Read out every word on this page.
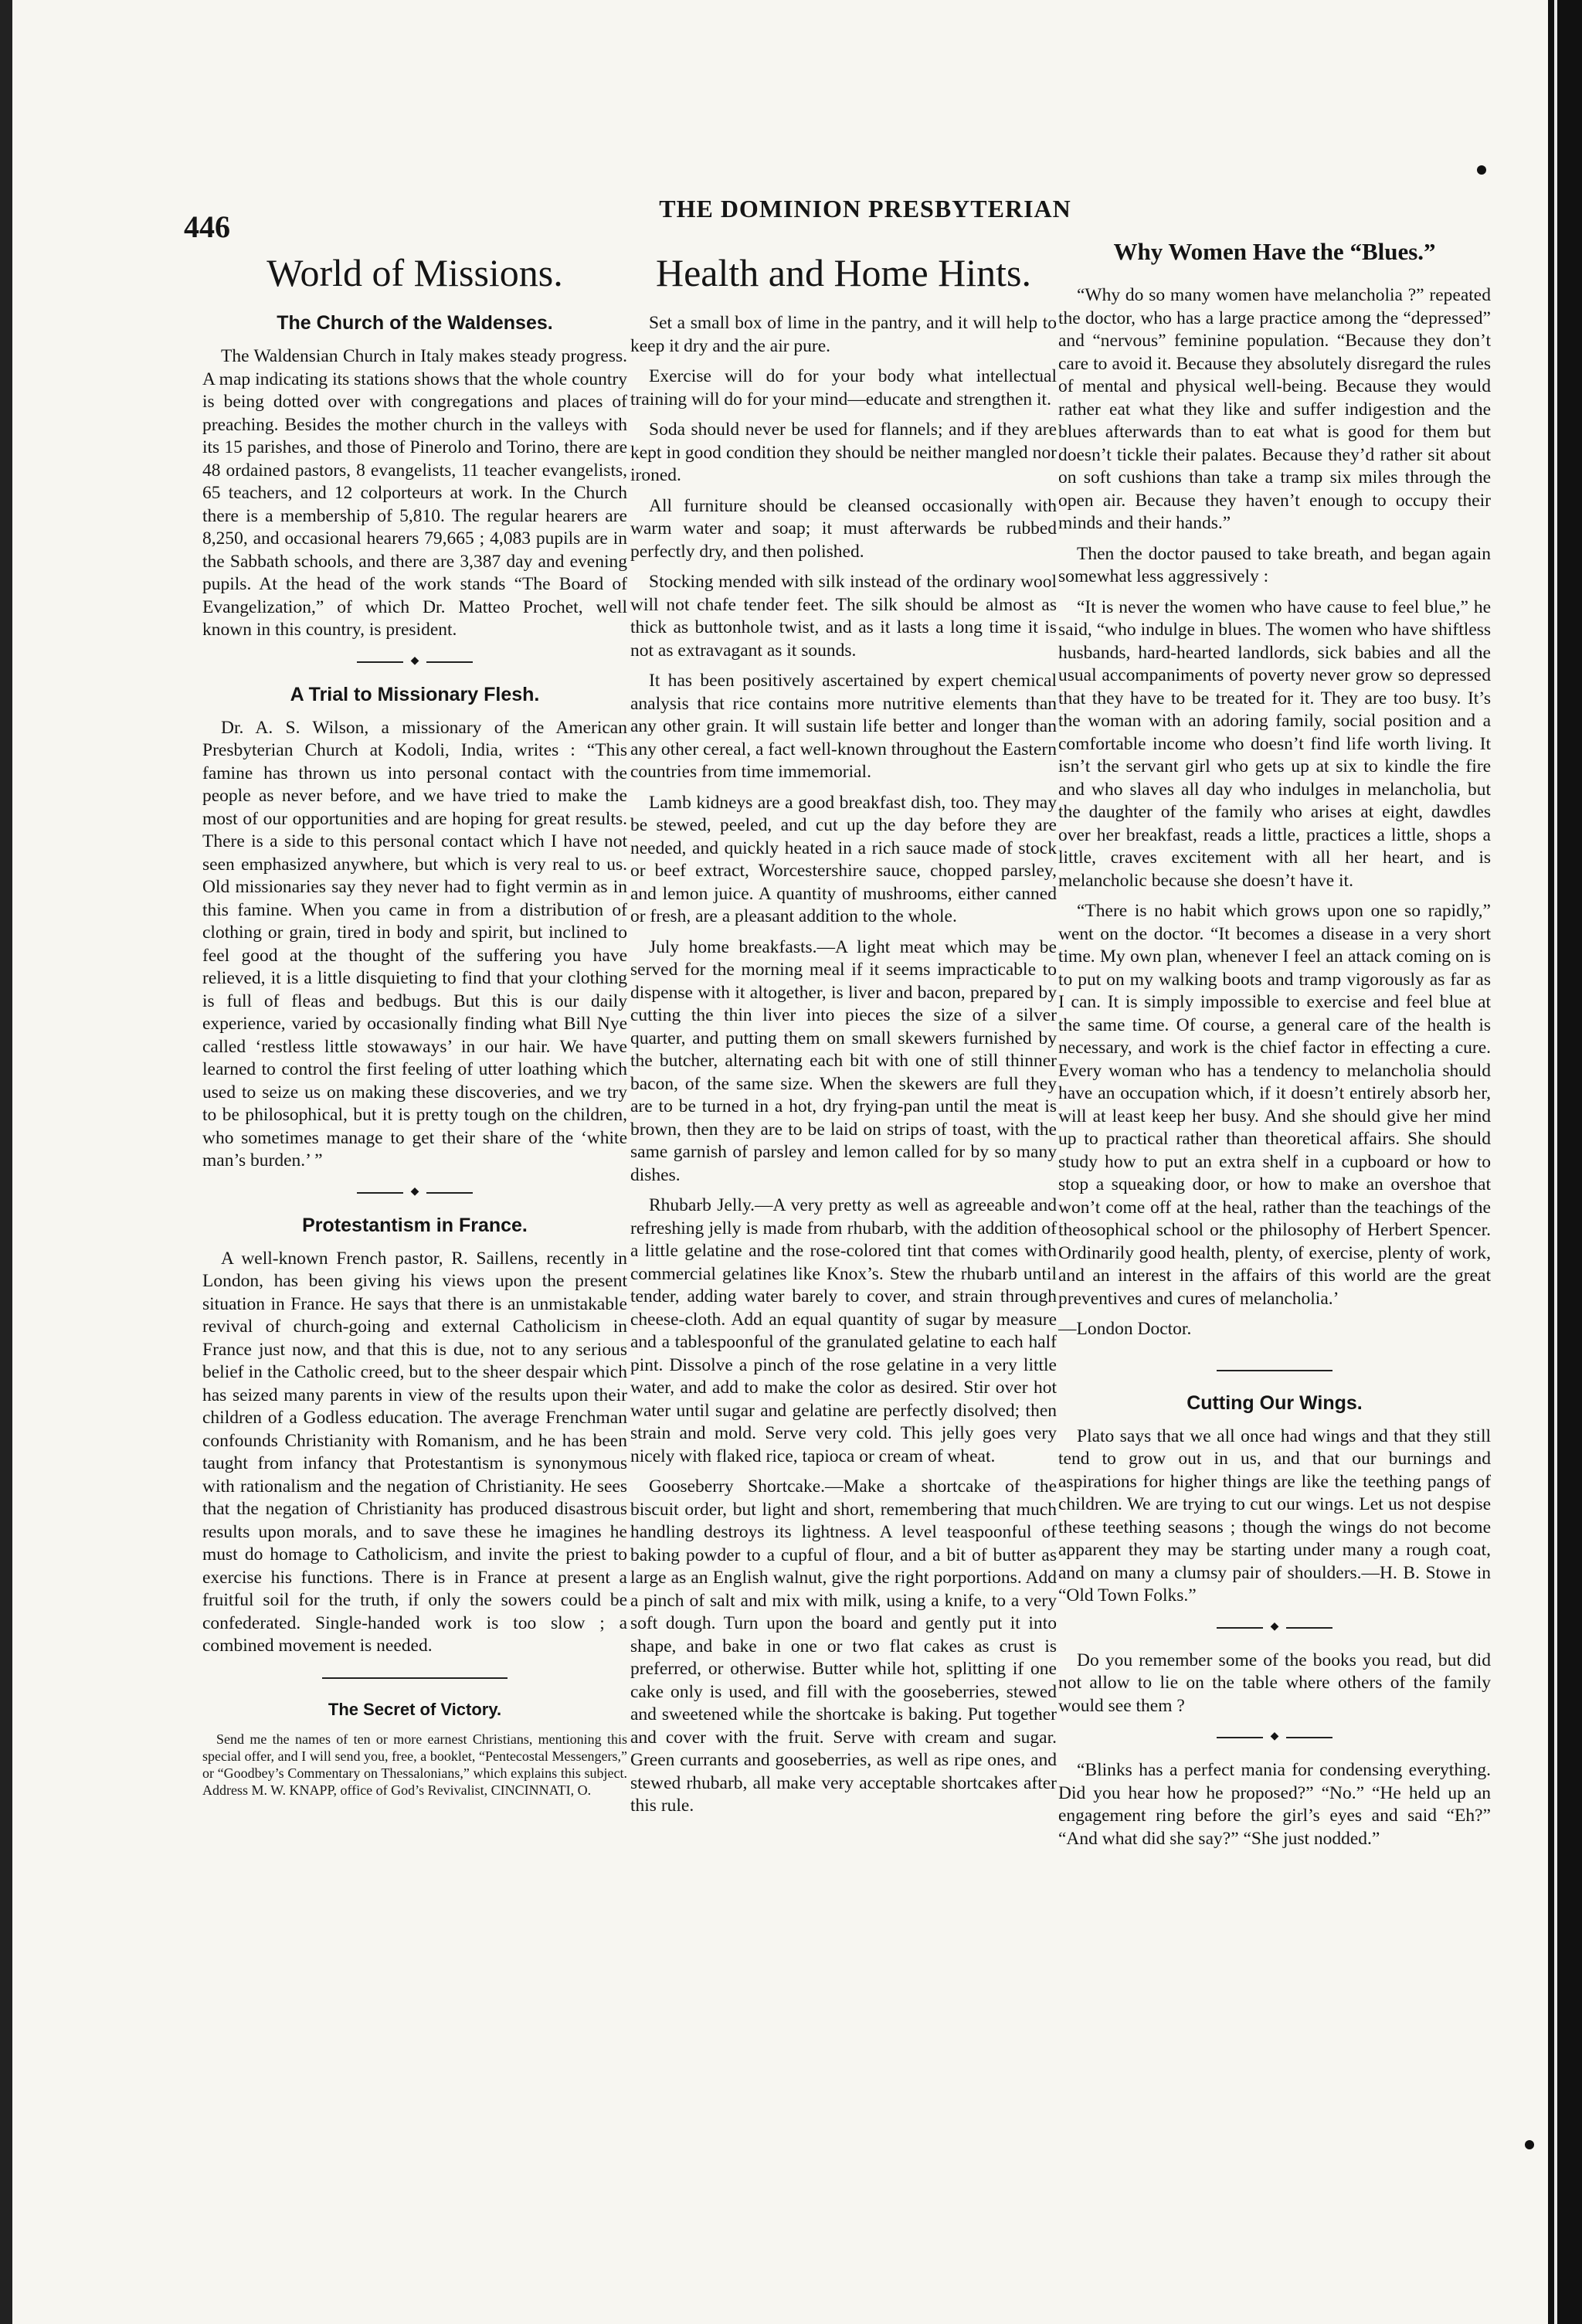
446
THE DOMINION PRESBYTERIAN
World of Missions.
The Church of the Waldenses.

The Waldensian Church in Italy makes steady progress. A map indicating its stations shows that the whole country is being dotted over with congregations and places of preaching. Besides the mother church in the valleys with its 15 parishes, and those of Pinerolo and Torino, there are 48 ordained pastors, 8 evangelists, 11 teacher evangelists, 65 teachers, and 12 colporteurs at work. In the Church there is a membership of 5,810. The regular hearers are 8,250, and occasional hearers 79,665 ; 4,083 pupils are in the Sabbath schools, and there are 3,387 day and evening pupils. At the head of the work stands “The Board of Evangelization,” of which Dr. Matteo Prochet, well known in this country, is president.

◆
A Trial to Missionary Flesh.

Dr. A. S. Wilson, a missionary of the American Presbyterian Church at Kodoli, India, writes : “This famine has thrown us into personal contact with the people as never before, and we have tried to make the most of our opportunities and are hoping for great results. There is a side to this personal contact which I have not seen emphasized anywhere, but which is very real to us. Old missionaries say they never had to fight vermin as in this famine. When you came in from a distribution of clothing or grain, tired in body and spirit, but inclined to feel good at the thought of the suffering you have relieved, it is a little disquieting to find that your clothing is full of fleas and bedbugs. But this is our daily experience, varied by occasionally finding what Bill Nye called ‘restless little stowaways’ in our hair. We have learned to control the first feeling of utter loathing which used to seize us on making these discoveries, and we try to be philosophical, but it is pretty tough on the children, who sometimes manage to get their share of the ‘white man’s burden.’ ”

◆
Protestantism in France.

A well-known French pastor, R. Saillens, recently in London, has been giving his views upon the present situation in France. He says that there is an unmistakable revival of church-going and external Catholicism in France just now, and that this is due, not to any serious belief in the Catholic creed, but to the sheer despair which has seized many parents in view of the results upon their children of a Godless education. The average Frenchman confounds Christianity with Romanism, and he has been taught from infancy that Protestantism is synonymous with rationalism and the negation of Christianity. He sees that the negation of Christianity has produced disastrous results upon morals, and to save these he imagines he must do homage to Catholicism, and invite the priest to exercise his functions. There is in France at present a fruitful soil for the truth, if only the sowers could be confederated. Single-handed work is too slow ; a combined movement is needed.

The Secret of Victory.

Send me the names of ten or more earnest Christians, mentioning this special offer, and I will send you, free, a booklet, “Pentecostal Messengers,” or “Goodbey’s Commentary on Thessalonians,” which explains this subject. Address M. W. KNAPP, office of God’s Revivalist, CINCINNATI, O.

Health and Home Hints.

Set a small box of lime in the pantry, and it will help to keep it dry and the air pure.

Exercise will do for your body what intellectual training will do for your mind—educate and strengthen it.

Soda should never be used for flannels; and if they are kept in good condition they should be neither mangled nor ironed.

All furniture should be cleansed occasionally with warm water and soap; it must afterwards be rubbed perfectly dry, and then polished.

Stocking mended with silk instead of the ordinary wool will not chafe tender feet. The silk should be almost as thick as buttonhole twist, and as it lasts a long time it is not as extravagant as it sounds.

It has been positively ascertained by expert chemical analysis that rice contains more nutritive elements than any other grain. It will sustain life better and longer than any other cereal, a fact well-known throughout the Eastern countries from time immemorial.

Lamb kidneys are a good breakfast dish, too. They may be stewed, peeled, and cut up the day before they are needed, and quickly heated in a rich sauce made of stock or beef extract, Worcestershire sauce, chopped parsley, and lemon juice. A quantity of mushrooms, either canned or fresh, are a pleasant addition to the whole.

July home breakfasts.—A light meat which may be served for the morning meal if it seems impracticable to dispense with it altogether, is liver and bacon, prepared by cutting the thin liver into pieces the size of a silver quarter, and putting them on small skewers furnished by the butcher, alternating each bit with one of still thinner bacon, of the same size. When the skewers are full they are to be turned in a hot, dry frying-pan until the meat is brown, then they are to be laid on strips of toast, with the same garnish of parsley and lemon called for by so many dishes.

Rhubarb Jelly.—A very pretty as well as agreeable and refreshing jelly is made from rhubarb, with the addition of a little gelatine and the rose-colored tint that comes with commercial gelatines like Knox’s. Stew the rhubarb until tender, adding water barely to cover, and strain through cheese-cloth. Add an equal quantity of sugar by measure and a tablespoonful of the granulated gelatine to each half pint. Dissolve a pinch of the rose gelatine in a very little water, and add to make the color as desired. Stir over hot water until sugar and gelatine are perfectly disolved; then strain and mold. Serve very cold. This jelly goes very nicely with flaked rice, tapioca or cream of wheat.

Gooseberry Shortcake.—Make a shortcake of the biscuit order, but light and short, remembering that much handling destroys its lightness. A level teaspoonful of baking powder to a cupful of flour, and a bit of butter as large as an English walnut, give the right porportions. Add a pinch of salt and mix with milk, using a knife, to a very soft dough. Turn upon the board and gently put it into shape, and bake in one or two flat cakes as crust is preferred, or otherwise. Butter while hot, splitting if one cake only is used, and fill with the gooseberries, stewed and sweetened while the shortcake is baking. Put together and cover with the fruit. Serve with cream and sugar. Green currants and gooseberries, as well as ripe ones, and stewed rhubarb, all make very acceptable shortcakes after this rule.

Why Women Have the “Blues.”

“Why do so many women have melancholia ?” repeated the doctor, who has a large practice among the “depressed” and “nervous” feminine population. “Because they don’t care to avoid it. Because they absolutely disregard the rules of mental and physical well-being. Because they would rather eat what they like and suffer indigestion and the blues afterwards than to eat what is good for them but doesn’t tickle their palates. Because they’d rather sit about on soft cushions than take a tramp six miles through the open air. Because they haven’t enough to occupy their minds and their hands.”

Then the doctor paused to take breath, and began again somewhat less aggressively :

“It is never the women who have cause to feel blue,” he said, “who indulge in blues. The women who have shiftless husbands, hard-hearted landlords, sick babies and all the usual accompaniments of poverty never grow so depressed that they have to be treated for it. They are too busy. It’s the woman with an adoring family, social position and a comfortable income who doesn’t find life worth living. It isn’t the servant girl who gets up at six to kindle the fire and who slaves all day who indulges in melancholia, but the daughter of the family who arises at eight, dawdles over her breakfast, reads a little, practices a little, shops a little, craves excitement with all her heart, and is melancholic because she doesn’t have it.

“There is no habit which grows upon one so rapidly,” went on the doctor. “It becomes a disease in a very short time. My own plan, whenever I feel an attack coming on is to put on my walking boots and tramp vigorously as far as I can. It is simply impossible to exercise and feel blue at the same time. Of course, a general care of the health is necessary, and work is the chief factor in effecting a cure. Every woman who has a tendency to melancholia should have an occupation which, if it doesn’t entirely absorb her, will at least keep her busy. And she should give her mind up to practical rather than theoretical affairs. She should study how to put an extra shelf in a cupboard or how to stop a squeaking door, or how to make an overshoe that won’t come off at the heal, rather than the teachings of the theosophical school or the philosophy of Herbert Spencer. Ordinarily good health, plenty, of exercise, plenty of work, and an interest in the affairs of this world are the great preventives and cures of melancholia.’

—London Doctor.

Cutting Our Wings.

Plato says that we all once had wings and that they still tend to grow out in us, and that our burnings and aspirations for higher things are like the teething pangs of children. We are trying to cut our wings. Let us not despise these teething seasons ; though the wings do not become apparent they may be starting under many a rough coat, and on many a clumsy pair of shoulders.—H. B. Stowe in “Old Town Folks.”

◆

Do you remember some of the books you read, but did not allow to lie on the table where others of the family would see them ?

◆

“Blinks has a perfect mania for condensing everything. Did you hear how he proposed?” “No.” “He held up an engagement ring before the girl’s eyes and said “Eh?” “And what did she say?” “She just nodded.”
